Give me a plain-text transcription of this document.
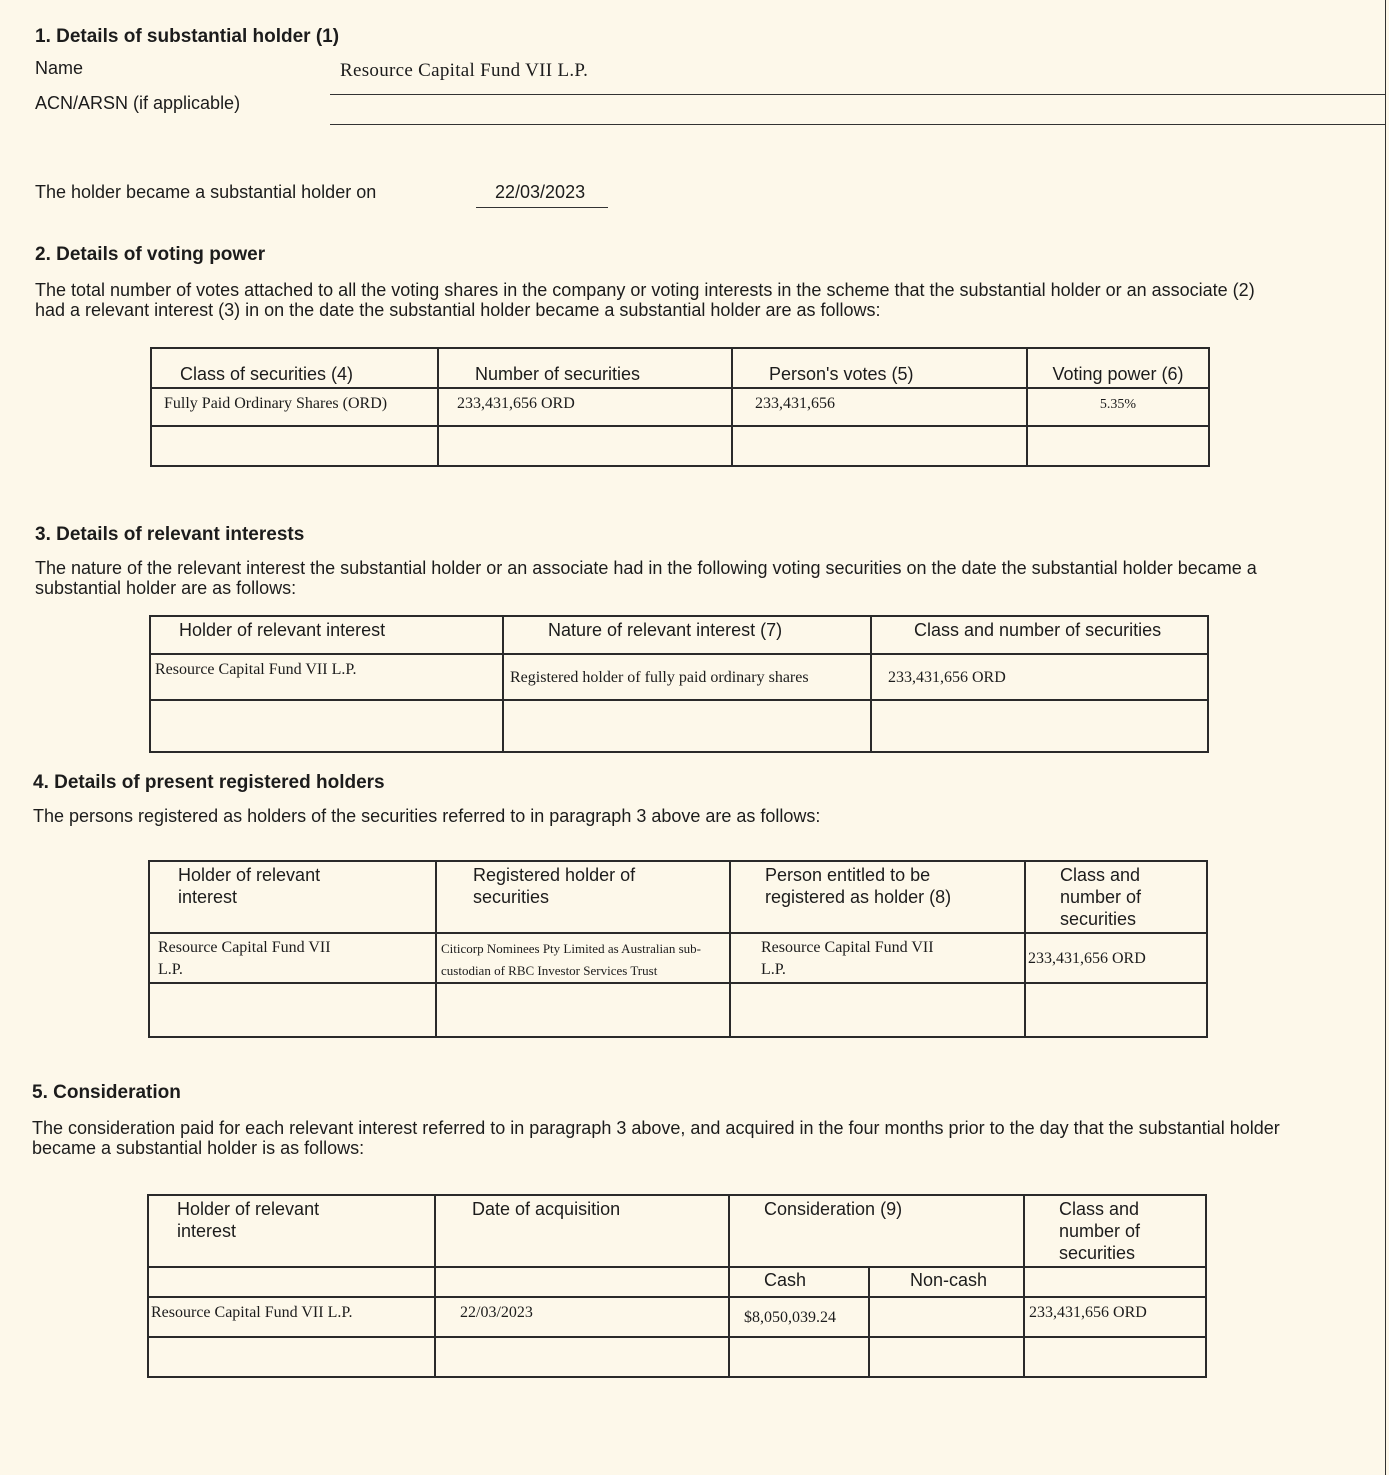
1. Details of substantial holder (1)
Name	Resource Capital Fund VII L.P.
ACN/ARSN (if applicable)
The holder became a substantial holder on	22/03/2023
2. Details of voting power
The total number of votes attached to all the voting shares in the company or voting interests in the scheme that the substantial holder or an associate (2) had a relevant interest (3) in on the date the substantial holder became a substantial holder are as follows:
Class of securities (4)	Number of securities	Person's votes (5)	Voting power (6)
Fully Paid Ordinary Shares (ORD)	233,431,656 ORD	233,431,656	5.35%

3. Details of relevant interests
The nature of the relevant interest the substantial holder or an associate had in the following voting securities on the date the substantial holder became a substantial holder are as follows:
Holder of relevant interest	Nature of relevant interest (7)	Class and number of securities
Resource Capital Fund VII L.P.	Registered holder of fully paid ordinary shares	233,431,656 ORD

4. Details of present registered holders
The persons registered as holders of the securities referred to in paragraph 3 above are as follows:
Holder of relevant interest	Registered holder of securities	Person entitled to be registered as holder (8)	Class and number of securities
Resource Capital Fund VII L.P.	Citicorp Nominees Pty Limited as Australian sub-custodian of RBC Investor Services Trust	Resource Capital Fund VII L.P.	233,431,656 ORD

5. Consideration
The consideration paid for each relevant interest referred to in paragraph 3 above, and acquired in the four months prior to the day that the substantial holder became a substantial holder is as follows:
Holder of relevant interest	Date of acquisition	Consideration (9)		Class and number of securities
		Cash	Non-cash	
Resource Capital Fund VII L.P.	22/03/2023	$8,050,039.24		233,431,656 ORD
